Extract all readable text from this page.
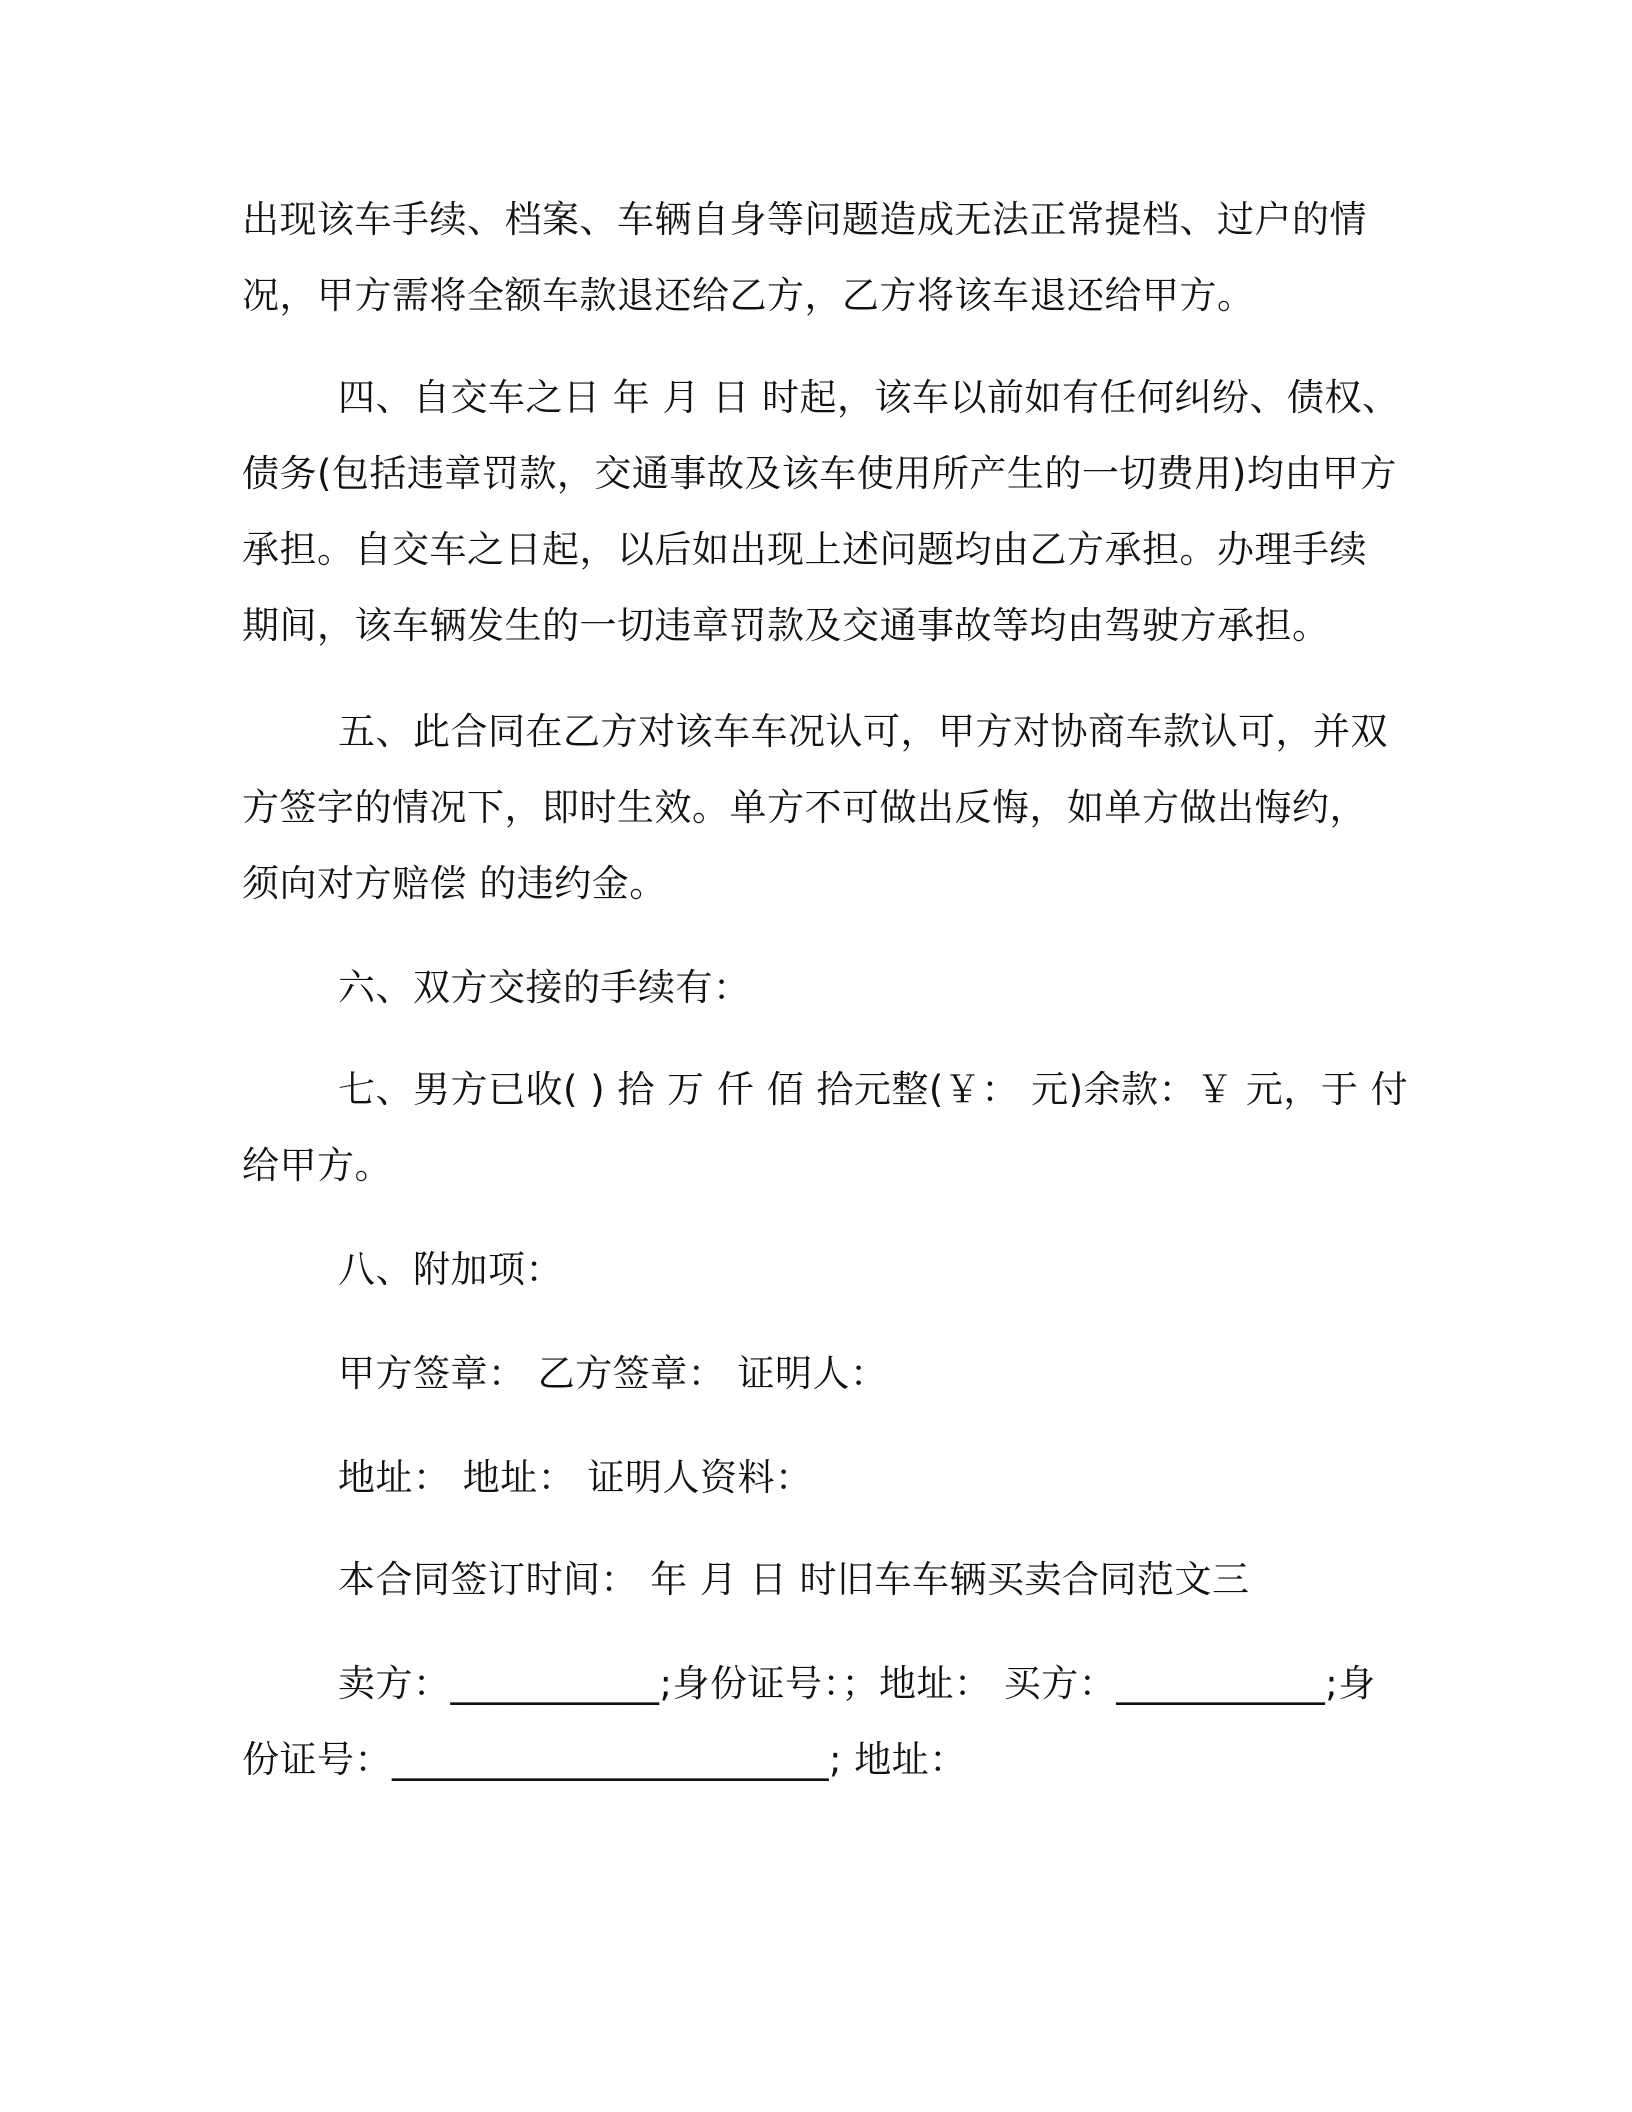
出现该车手续、档案、车辆自身等问题造成无法正常提档、过户的情
况，甲方需将全额车款退还给乙方，乙方将该车退还给甲方。
四、自交车之日 年 月 日 时起，该车以前如有任何纠纷、债权、
债务(包括违章罚款，交通事故及该车使用所产生的一切费用)均由甲方
承担。自交车之日起，以后如出现上述问题均由乙方承担。办理手续
期间，该车辆发生的一切违章罚款及交通事故等均由驾驶方承担。
五、此合同在乙方对该车车况认可，甲方对协商车款认可，并双
方签字的情况下，即时生效。单方不可做出反悔，如单方做出悔约，
须向对方赔偿 的违约金。
六、双方交接的手续有：
七、男方已收( ) 拾 万 仟 佰 拾元整(￥： 元)余款：￥ 元，于 付
给甲方。
八、附加项：
甲方签章： 乙方签章： 证明人：
地址： 地址： 证明人资料：
本合同签订时间： 年 月 日 时旧车车辆买卖合同范文三
卖方：___________;身份证号：；地址： 买方：___________;身
份证号：_______________________; 地址：
